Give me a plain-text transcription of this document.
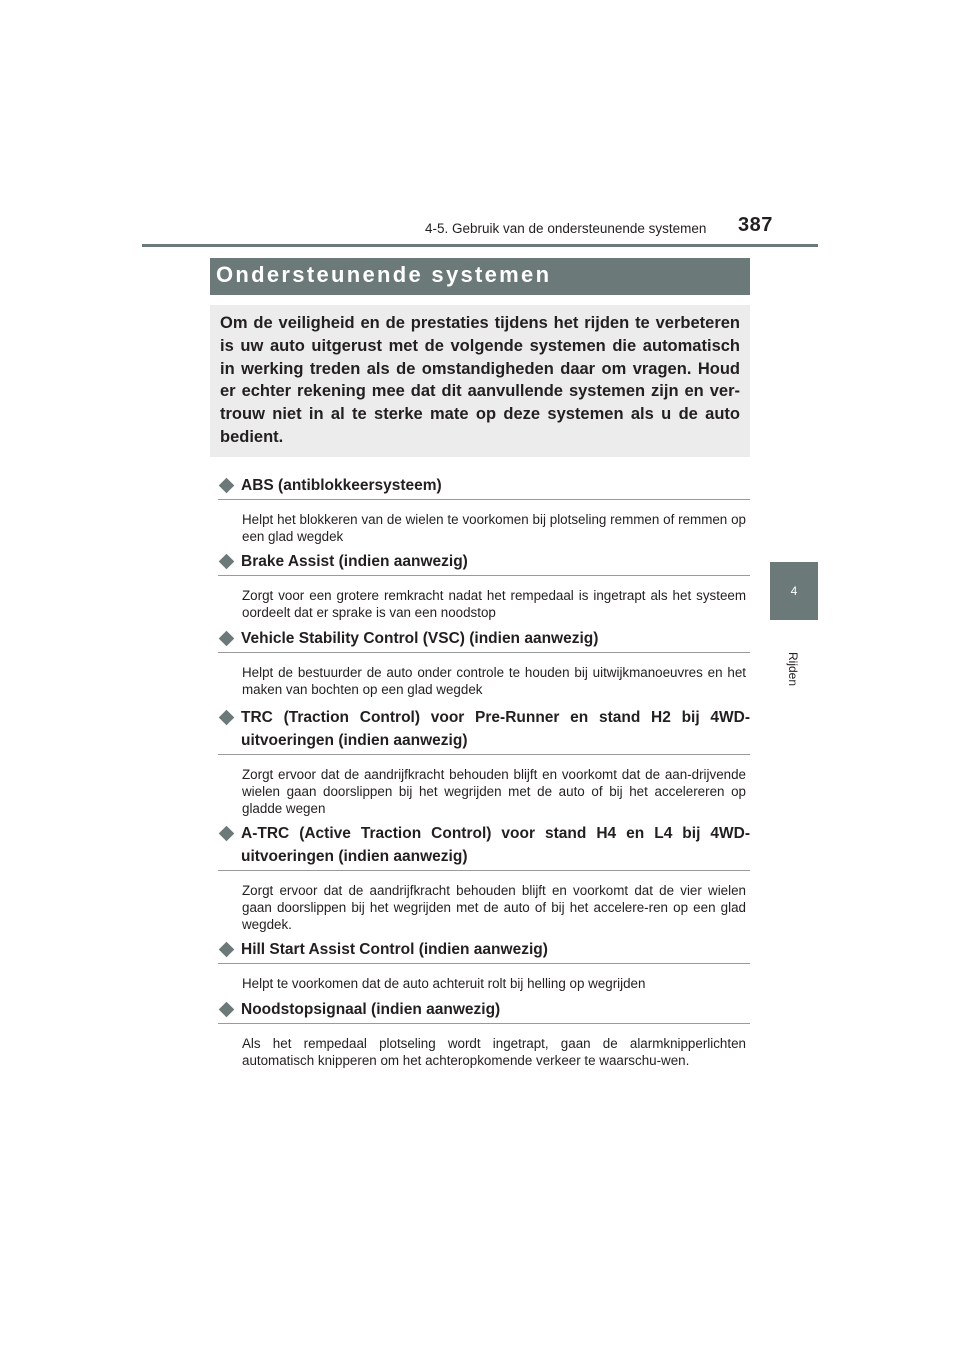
4-5. Gebruik van de ondersteunende systemen 387
4
Rijden
Ondersteunende systemen
Om de veiligheid en de prestaties tijdens het rijden te verbeteren is uw auto uitgerust met de volgende systemen die automatisch in werking treden als de omstandigheden daar om vragen. Houd er echter rekening mee dat dit aanvullende systemen zijn en ver-trouw niet in al te sterke mate op deze systemen als u de auto bedient.
ABS (antiblokkeersysteem)
Helpt het blokkeren van de wielen te voorkomen bij plotseling remmen of remmen op een glad wegdek
Brake Assist (indien aanwezig)
Zorgt voor een grotere remkracht nadat het rempedaal is ingetrapt als het systeem oordeelt dat er sprake is van een noodstop
Vehicle Stability Control (VSC) (indien aanwezig)
Helpt de bestuurder de auto onder controle te houden bij uitwijkmanoeuvres en het maken van bochten op een glad wegdek
TRC (Traction Control) voor Pre-Runner en stand H2 bij 4WD-uitvoeringen (indien aanwezig)
Zorgt ervoor dat de aandrijfkracht behouden blijft en voorkomt dat de aan-drijvende wielen gaan doorslippen bij het wegrijden met de auto of bij het accelereren op gladde wegen
A-TRC (Active Traction Control) voor stand H4 en L4 bij 4WD-uitvoeringen (indien aanwezig)
Zorgt ervoor dat de aandrijfkracht behouden blijft en voorkomt dat de vier wielen gaan doorslippen bij het wegrijden met de auto of bij het accelere-ren op een glad wegdek.
Hill Start Assist Control (indien aanwezig)
Helpt te voorkomen dat de auto achteruit rolt bij helling op wegrijden
Noodstopsignaal (indien aanwezig)
Als het rempedaal plotseling wordt ingetrapt, gaan de alarmknipperlichten automatisch knipperen om het achteropkomende verkeer te waarschu-wen.
